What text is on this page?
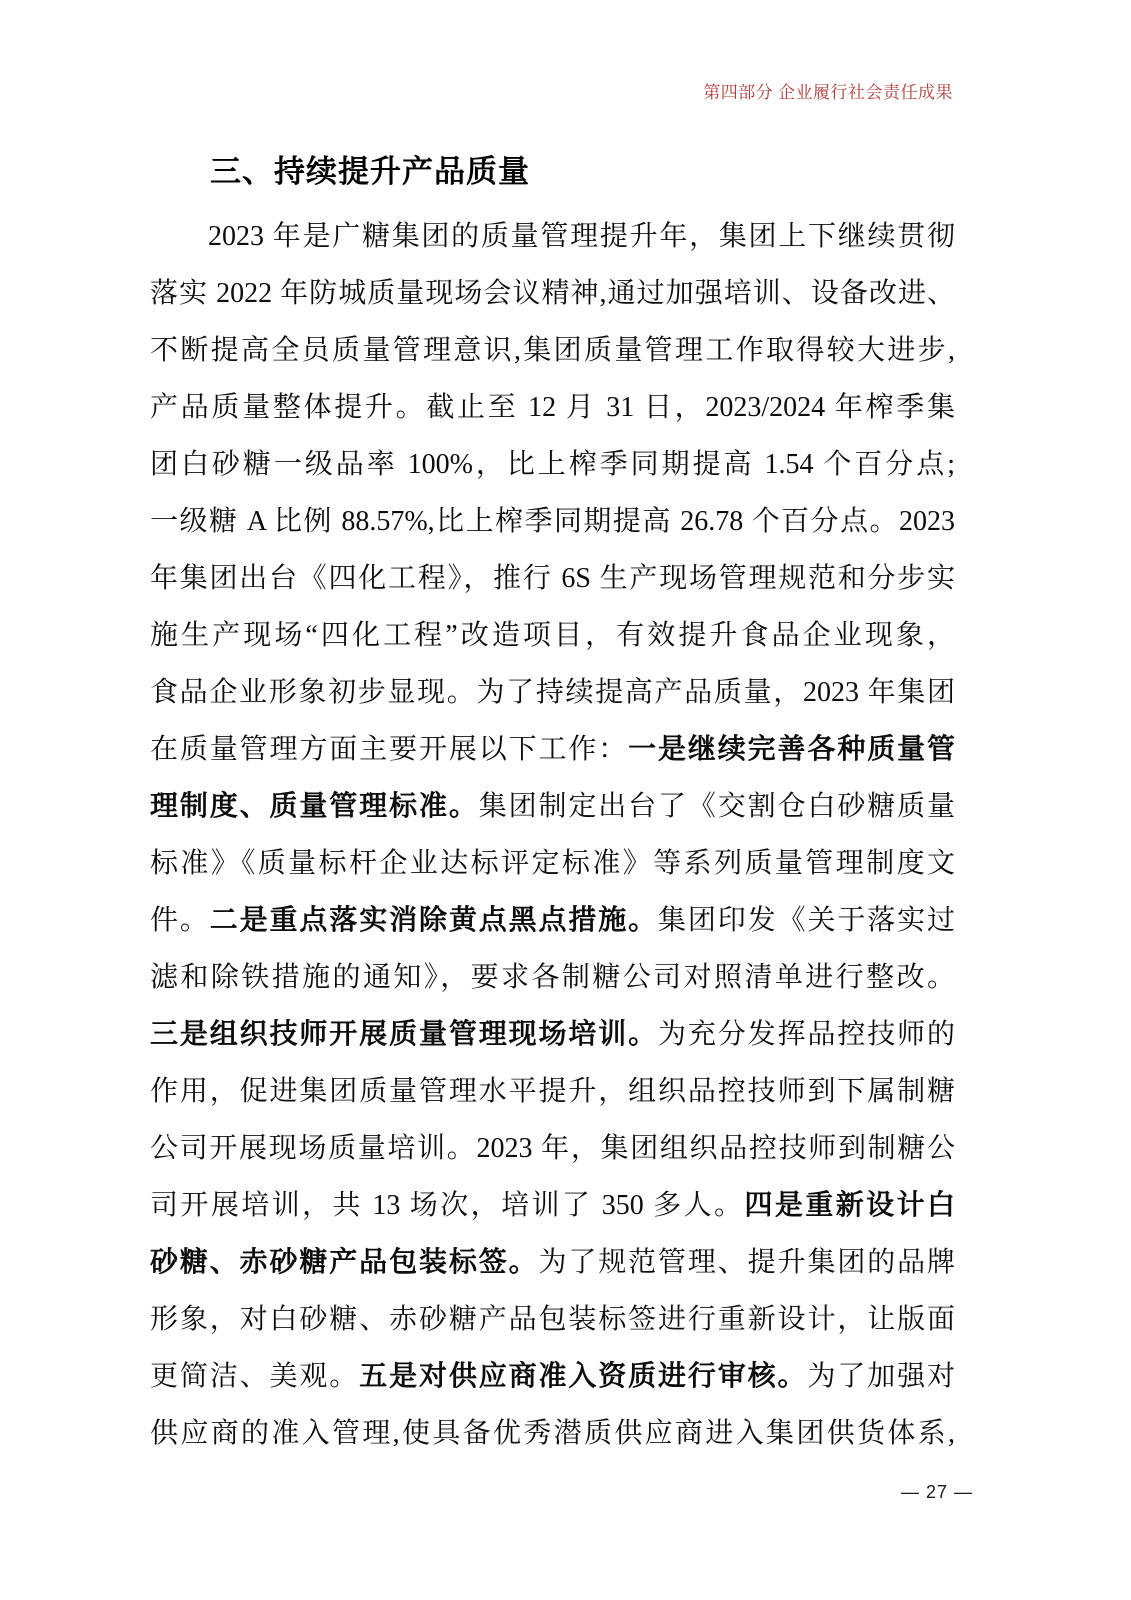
第四部分 企业履行社会责任成果
三、持续提升产品质量
2023 年是广糖集团的质量管理提升年，集团上下继续贯彻
落实 2022 年防城质量现场会议精神,通过加强培训、设备改进、
不断提高全员质量管理意识,集团质量管理工作取得较大进步,
产品质量整体提升。截止至 12 月 31 日，2023/2024 年榨季集
团白砂糖一级品率 100%，比上榨季同期提高 1.54 个百分点;
一级糖 A 比例 88.57%,比上榨季同期提高 26.78 个百分点。2023
年集团出台《四化工程》，推行 6S 生产现场管理规范和分步实
施生产现场“四化工程”改造项目，有效提升食品企业现象，
食品企业形象初步显现。为了持续提高产品质量，2023 年集团
在质量管理方面主要开展以下工作：一是继续完善各种质量管
理制度、质量管理标准。集团制定出台了《交割仓白砂糖质量
标准》《质量标杆企业达标评定标准》等系列质量管理制度文
件。二是重点落实消除黄点黑点措施。集团印发《关于落实过
滤和除铁措施的通知》，要求各制糖公司对照清单进行整改。
三是组织技师开展质量管理现场培训。为充分发挥品控技师的
作用，促进集团质量管理水平提升，组织品控技师到下属制糖
公司开展现场质量培训。2023 年，集团组织品控技师到制糖公
司开展培训，共 13 场次，培训了 350 多人。四是重新设计白
砂糖、赤砂糖产品包装标签。为了规范管理、提升集团的品牌
形象，对白砂糖、赤砂糖产品包装标签进行重新设计，让版面
更简洁、美观。五是对供应商准入资质进行审核。为了加强对
供应商的准入管理,使具备优秀潜质供应商进入集团供货体系,
— 27 —
